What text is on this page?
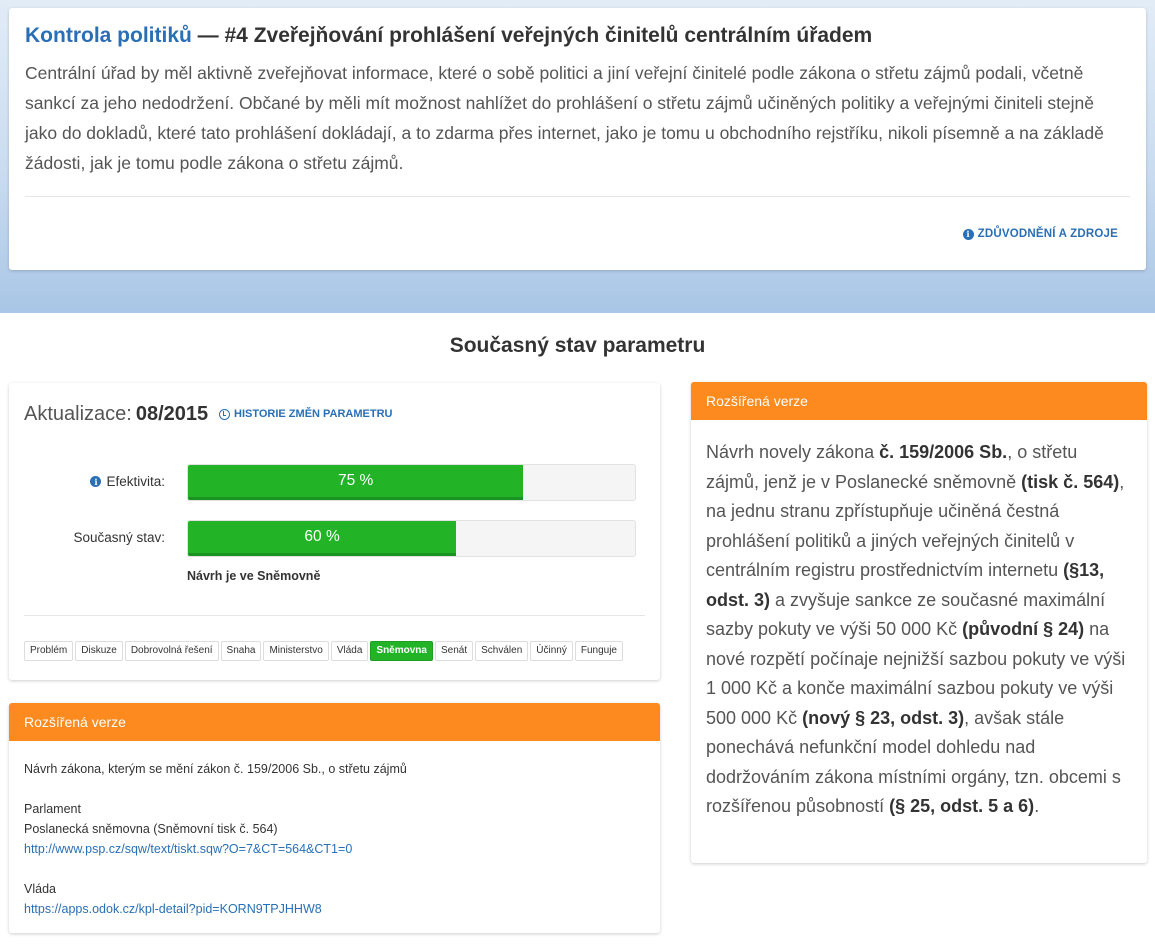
Kontrola politiků — #4 Zveřejňování prohlášení veřejných činitelů centrálním úřadem

Centrální úřad by měl aktivně zveřejňovat informace, které o sobě politici a jiní veřejní činitelé podle zákona o střetu zájmů podali, včetně sankcí za jeho nedodržení. Občané by měli mít možnost nahlížet do prohlášení o střetu zájmů učiněných politiky a veřejnými činiteli stejně jako do dokladů, které tato prohlášení dokládají, a to zdarma přes internet, jako je tomu u obchodního rejstříku, nikoli písemně a na základě žádosti, jak je tomu podle zákona o střetu zájmů.

i ZDŮVODNĚNÍ A ZDROJE
Současný stav parametru
Aktualizace: 08/2015 HISTORIE ZMĚN PARAMETRU
i Efektivita:	75 %
Současný stav:	60 %
Návrh je ve Sněmovně
Problém	Diskuze	Dobrovolná řešení	Snaha	Ministerstvo	Vláda	Sněmovna	Senát	Schválen	Účinný	Funguje
Rozšířená verze
Návrh zákona, kterým se mění zákon č. 159/2006 Sb., o střetu zájmů
Parlament
Poslanecká sněmovna (Sněmovní tisk č. 564)
http://www.psp.cz/sqw/text/tiskt.sqw?O=7&CT=564&CT1=0
Vláda
https://apps.odok.cz/kpl-detail?pid=KORN9TPJHHW8
Rozšířená verze
Návrh novely zákona č. 159/2006 Sb., o střetu zájmů, jenž je v Poslanecké sněmovně (tisk č. 564), na jednu stranu zpřístupňuje učiněná čestná prohlášení politiků a jiných veřejných činitelů v centrálním registru prostřednictvím internetu (§13, odst. 3) a zvyšuje sankce ze současné maximální sazby pokuty ve výši 50 000 Kč (původní § 24) na nové rozpětí počínaje nejnižší sazbou pokuty ve výši 1 000 Kč a konče maximální sazbou pokuty ve výši 500 000 Kč (nový § 23, odst. 3), avšak stále ponechává nefunkční model dohledu nad dodržováním zákona místními orgány, tzn. obcemi s rozšířenou působností (§ 25, odst. 5 a 6).
